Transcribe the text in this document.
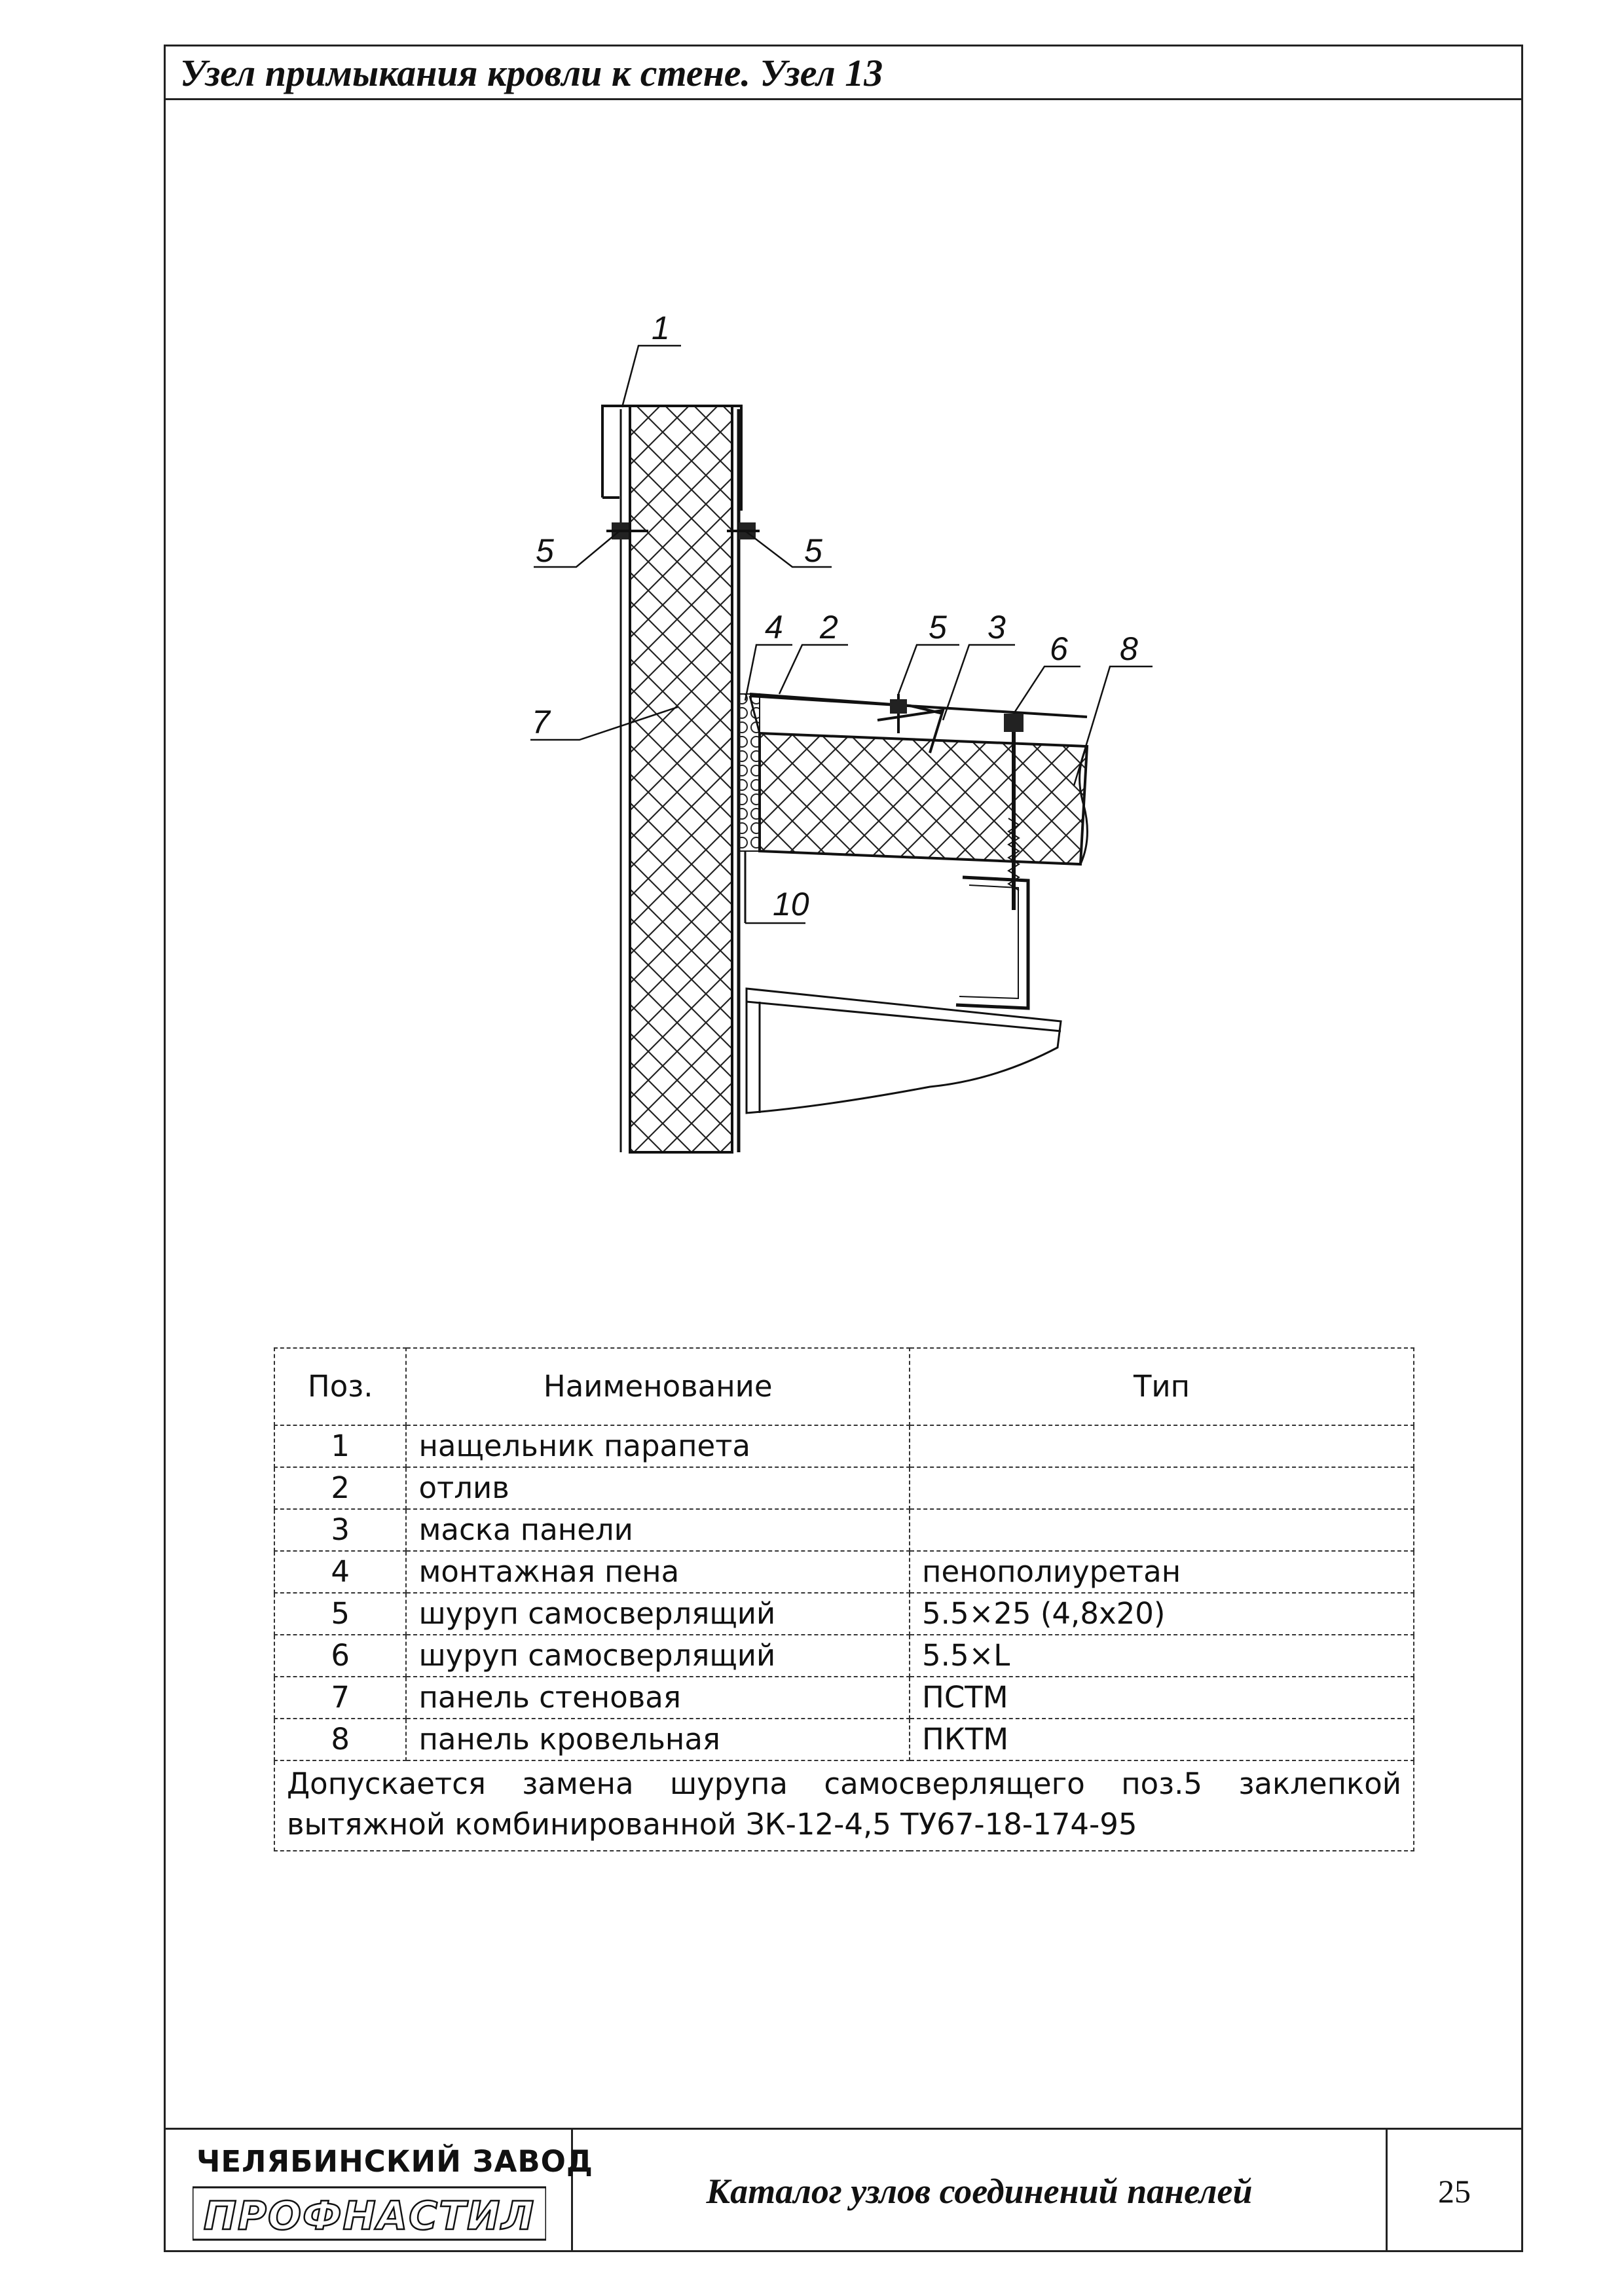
Узел примыкания кровли к стене. Узел 13
1
5	5
4 2	5 3
6 8
7
10
Поз.	Наименование	Тип
1	нащельник парапета	
2	отлив	
3	маска панели	
4	монтажная пена	пенополиуретан
5	шуруп самосверлящий	5.5×25 (4,8х20)
6	шуруп самосверлящий	5.5×L
7	панель стеновая	ПСТМ
8	панель кровельная	ПКТМ

Допускается замена шурупа самосверлящего поз.5 заклепкой
вытяжной комбинированной ЗК-12-4,5 ТУ67-18-174-95		
ЧЕЛЯБИНСКИЙ ЗАВОД
ПРОФНАСТИЛ
Каталог узлов соединений панелей	25
